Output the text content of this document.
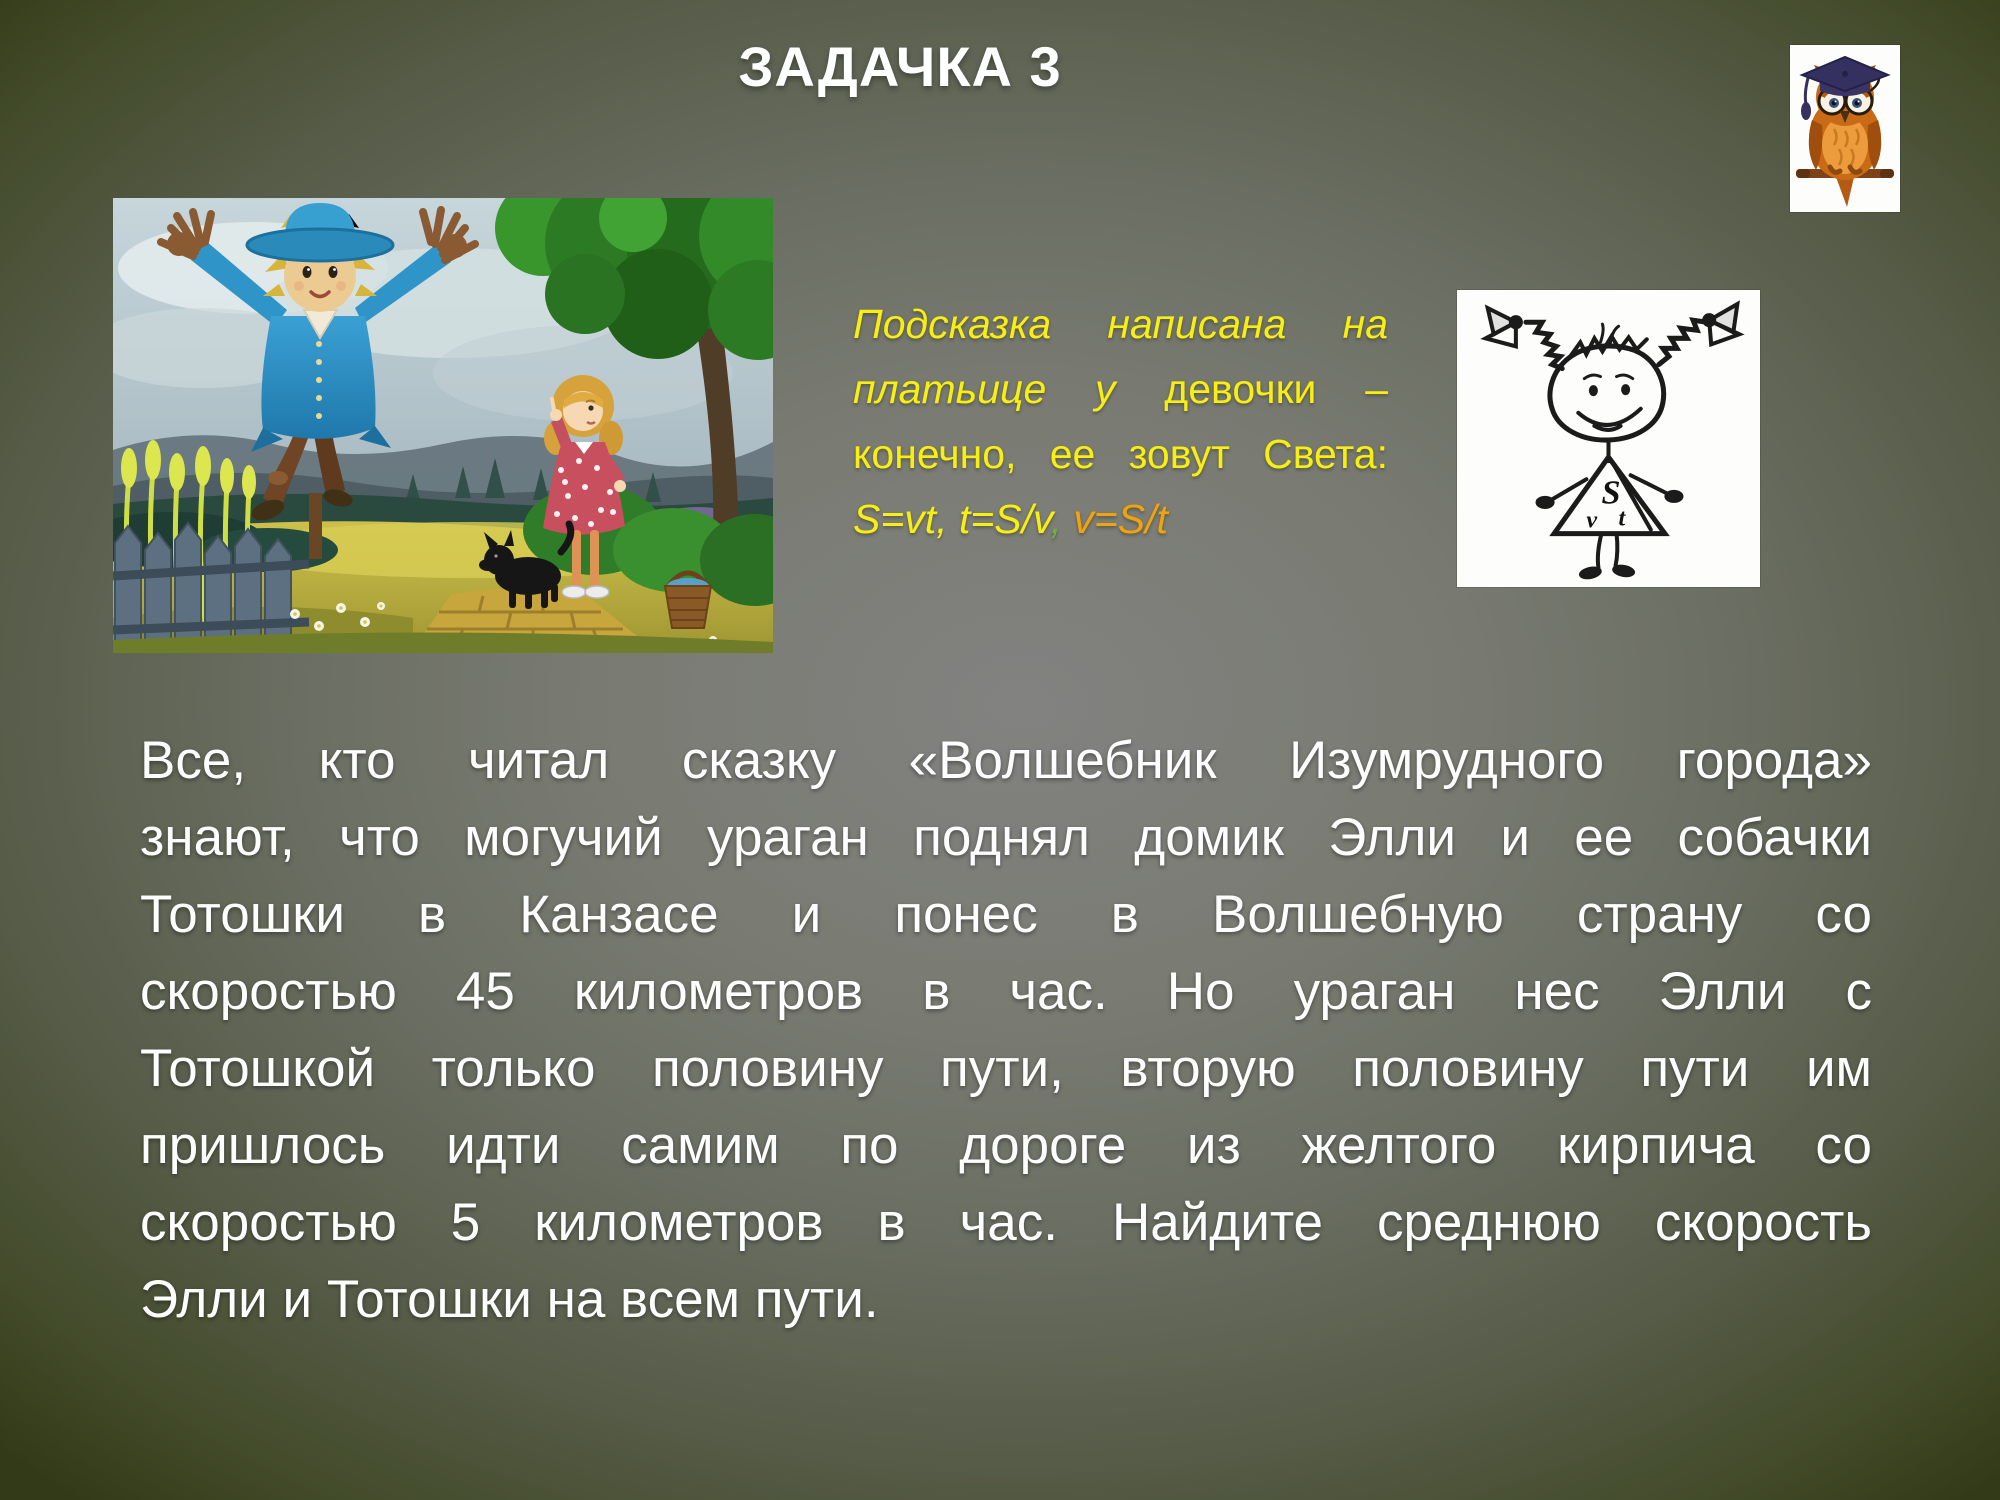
ЗАДАЧКА 3
Подсказка написана на
платьице у девочки –
конечно, ее зовут Света:
S=vt, t=S/v, v=S/t
S
v t
Все, кто читал сказку «Волшебник Изумрудного города»
знают, что могучий ураган поднял домик Элли и ее собачки
Тотошки в Канзасе и понес в Волшебную страну со
скоростью 45 километров в час. Но ураган нес Элли с
Тотошкой только половину пути, вторую половину пути им
пришлось идти самим по дороге из желтого кирпича со
скоростью 5 километров в час. Найдите среднюю скорость
Элли и Тотошки на всем пути.
